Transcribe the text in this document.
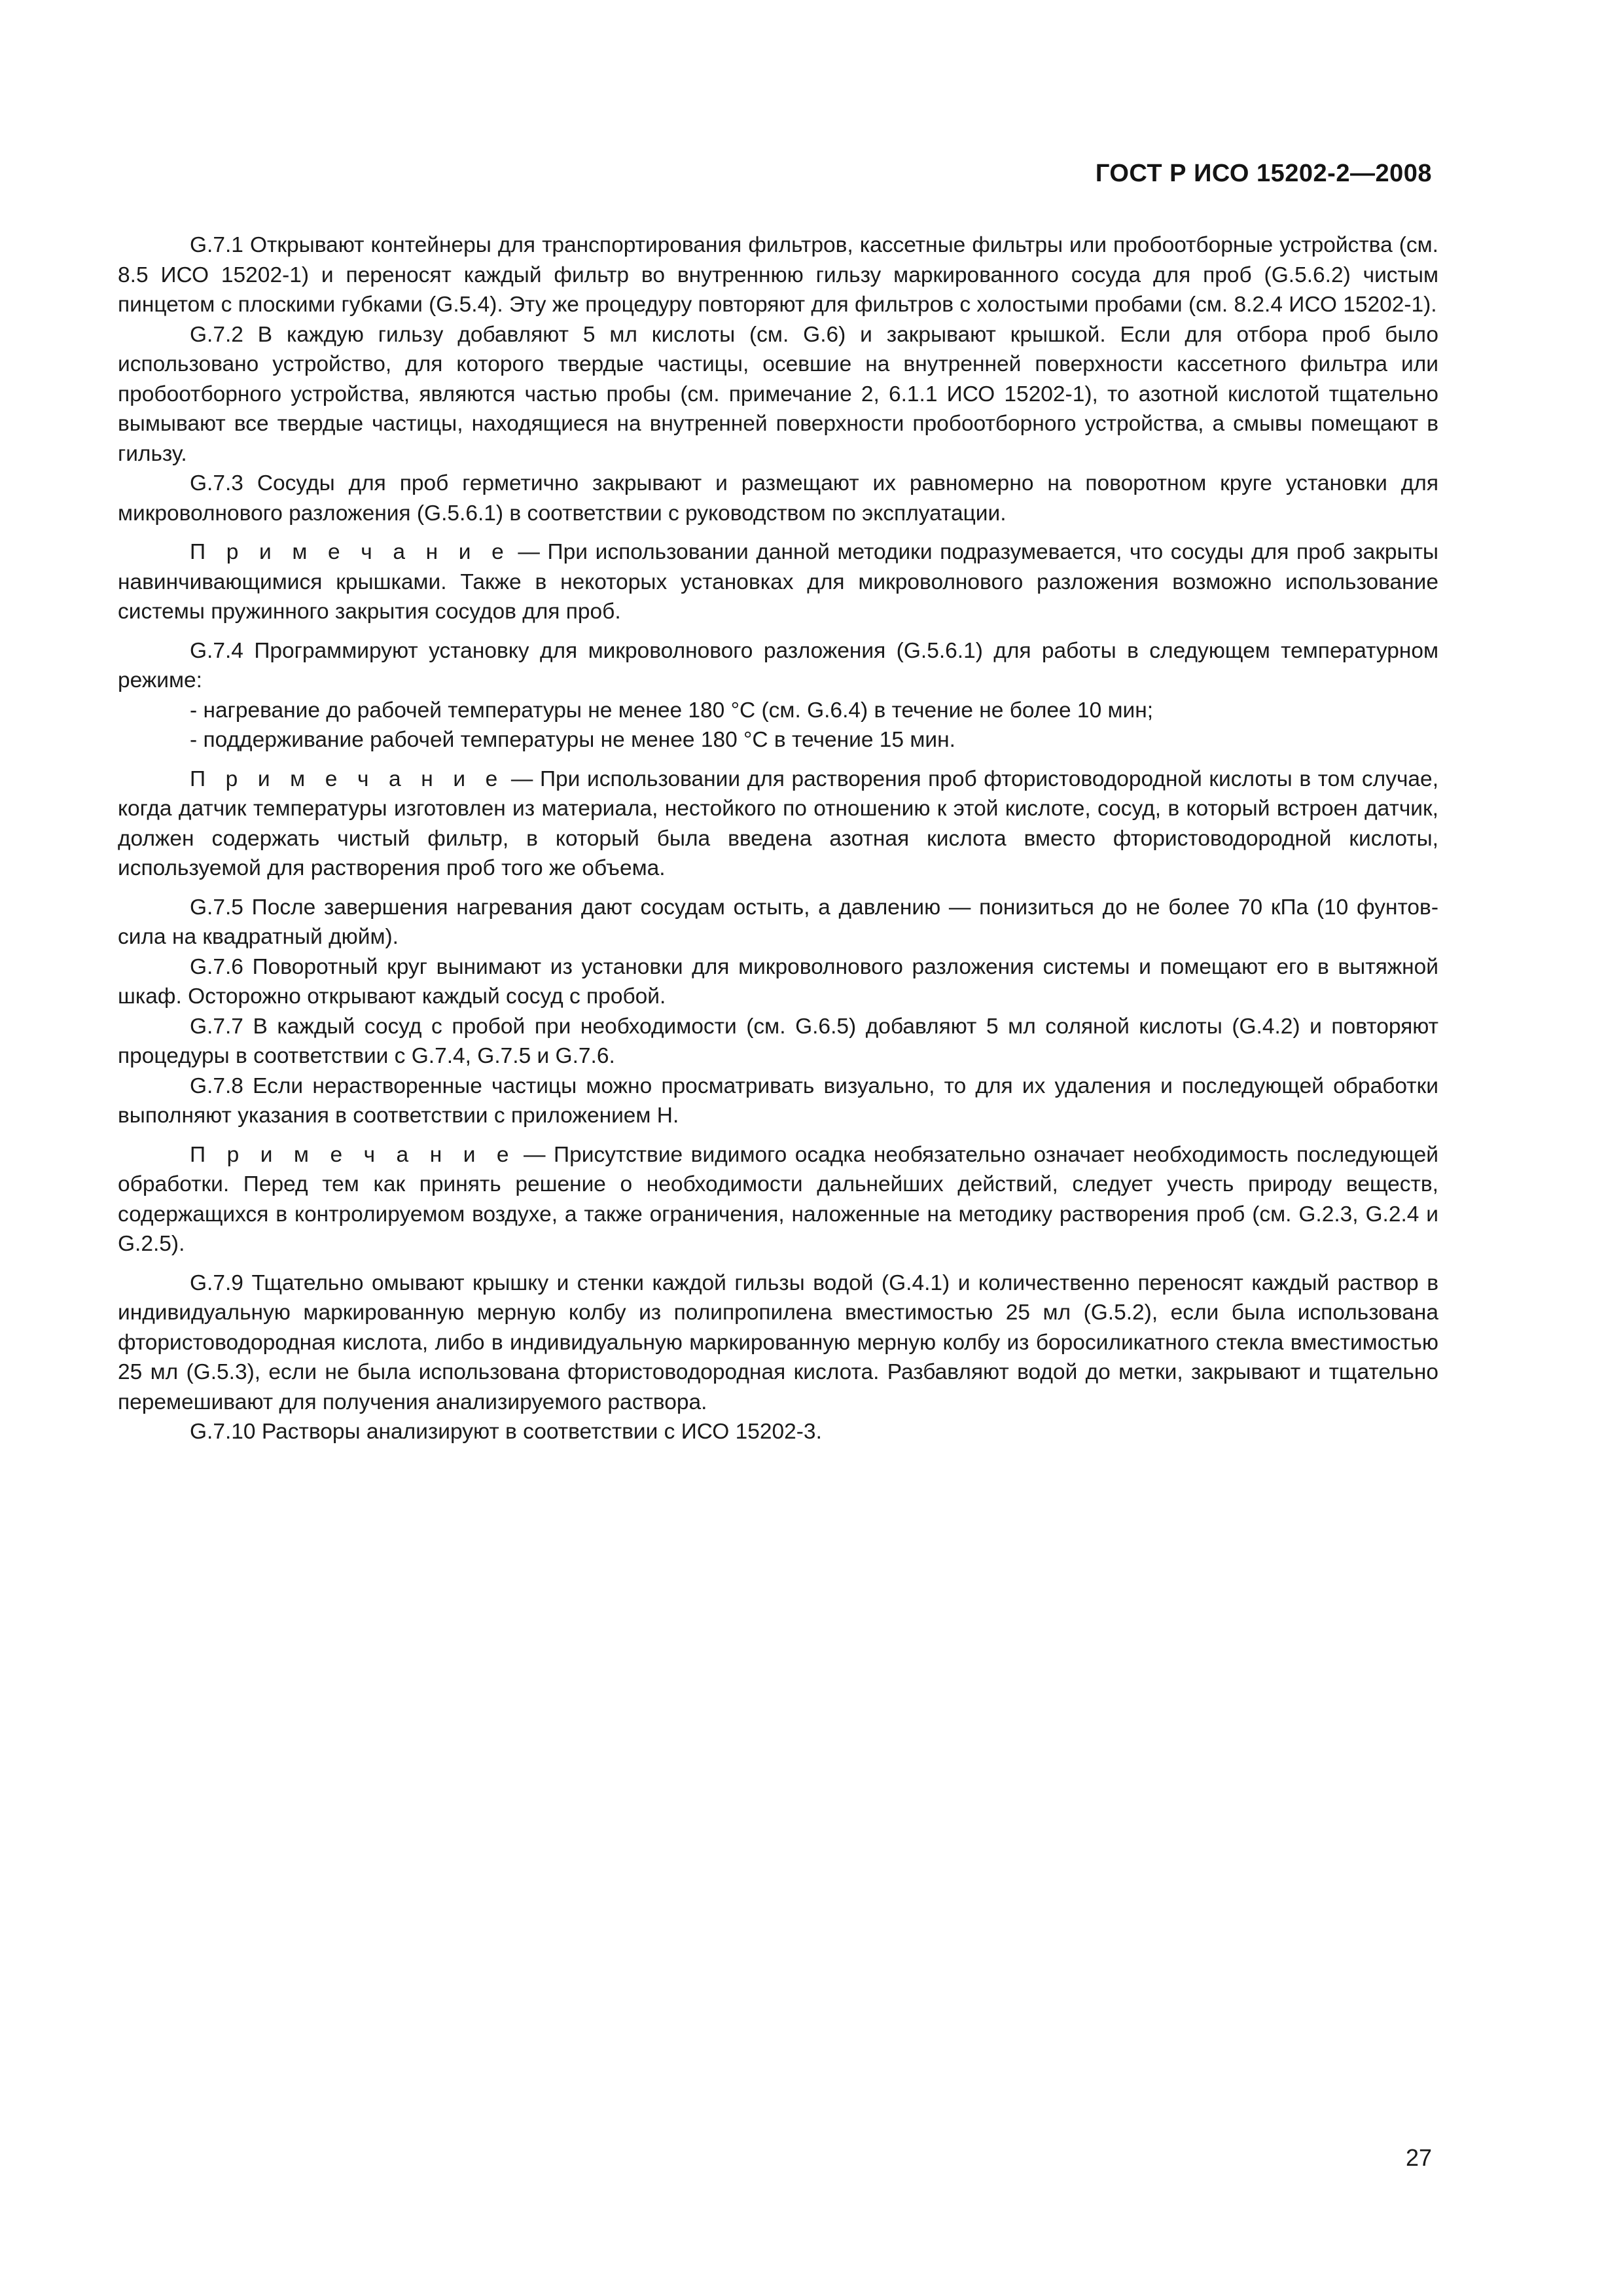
ГОСТ Р ИСО 15202-2—2008

G.7.1 Открывают контейнеры для транспортирования фильтров, кассетные фильтры или пробоотборные устройства (см. 8.5 ИСО 15202-1) и переносят каждый фильтр во внутреннюю гильзу маркированного сосуда для проб (G.5.6.2) чистым пинцетом с плоскими губками (G.5.4). Эту же процедуру повторяют для фильтров с холостыми пробами (см. 8.2.4 ИСО 15202-1).

G.7.2 В каждую гильзу добавляют 5 мл кислоты (см. G.6) и закрывают крышкой. Если для отбора проб было использовано устройство, для которого твердые частицы, осевшие на внутренней поверхности кассетного фильтра или пробоотборного устройства, являются частью пробы (см. примечание 2, 6.1.1 ИСО 15202-1), то азотной кислотой тщательно вымывают все твердые частицы, находящиеся на внутренней поверхности пробоотборного устройства, а смывы помещают в гильзу.

G.7.3 Сосуды для проб герметично закрывают и размещают их равномерно на поворотном круге установки для микроволнового разложения (G.5.6.1) в соответствии с руководством по эксплуатации.

П р и м е ч а н и е — При использовании данной методики подразумевается, что сосуды для проб закрыты навинчивающимися крышками. Также в некоторых установках для микроволнового разложения возможно использование системы пружинного закрытия сосудов для проб.

G.7.4 Программируют установку для микроволнового разложения (G.5.6.1) для работы в следующем температурном режиме:

- нагревание до рабочей температуры не менее 180 °С (см. G.6.4) в течение не более 10 мин;

- поддерживание рабочей температуры не менее 180 °С в течение 15 мин.

П р и м е ч а н и е — При использовании для растворения проб фтористоводородной кислоты в том случае, когда датчик температуры изготовлен из материала, нестойкого по отношению к этой кислоте, сосуд, в который встроен датчик, должен содержать чистый фильтр, в который была введена азотная кислота вместо фтористоводородной кислоты, используемой для растворения проб того же объема.

G.7.5 После завершения нагревания дают сосудам остыть, а давлению — понизиться до не более 70 кПа (10 фунтов-сила на квадратный дюйм).

G.7.6 Поворотный круг вынимают из установки для микроволнового разложения системы и помещают его в вытяжной шкаф. Осторожно открывают каждый сосуд с пробой.

G.7.7 В каждый сосуд с пробой при необходимости (см. G.6.5) добавляют 5 мл соляной кислоты (G.4.2) и повторяют процедуры в соответствии с G.7.4, G.7.5 и G.7.6.

G.7.8 Если нерастворенные частицы можно просматривать визуально, то для их удаления и последующей обработки выполняют указания в соответствии с приложением Н.

П р и м е ч а н и е — Присутствие видимого осадка необязательно означает необходимость последующей обработки. Перед тем как принять решение о необходимости дальнейших действий, следует учесть природу веществ, содержащихся в контролируемом воздухе, а также ограничения, наложенные на методику растворения проб (см. G.2.3, G.2.4 и G.2.5).

G.7.9 Тщательно омывают крышку и стенки каждой гильзы водой (G.4.1) и количественно переносят каждый раствор в индивидуальную маркированную мерную колбу из полипропилена вместимостью 25 мл (G.5.2), если была использована фтористоводородная кислота, либо в индивидуальную маркированную мерную колбу из боросиликатного стекла вместимостью 25 мл (G.5.3), если не была использована фтористоводородная кислота. Разбавляют водой до метки, закрывают и тщательно перемешивают для получения анализируемого раствора.

G.7.10 Растворы анализируют в соответствии с ИСО 15202-3.

27
